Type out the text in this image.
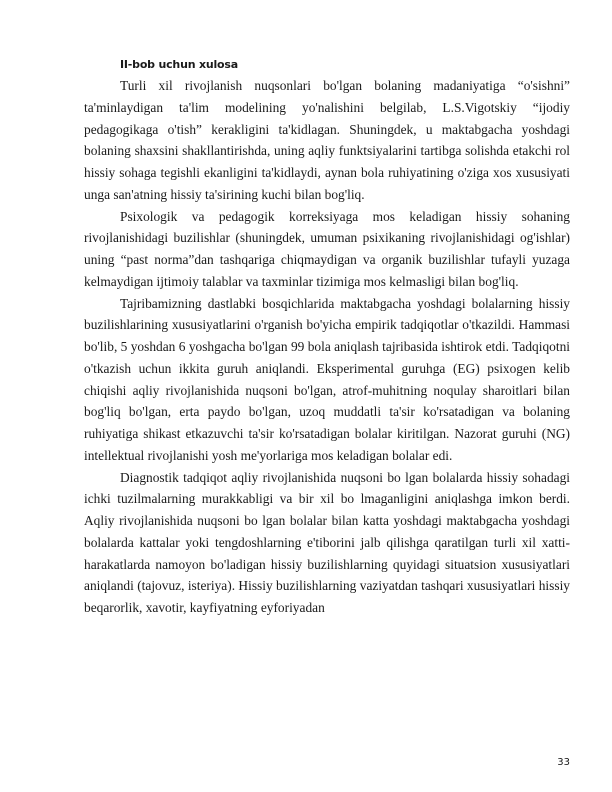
II-bob uchun xulosa

Turli xil rivojlanish nuqsonlari bo'lgan bolaning madaniyatiga “o'sishni” ta'minlaydigan ta'lim modelining yo'nalishini belgilab, L.S.Vigotskiy “ijodiy pedagogikaga o'tish” kerakligini ta'kidlagan. Shuningdek, u maktabgacha yoshdagi bolaning shaxsini shakllantirishda, uning aqliy funktsiyalarini tartibga solishda etakchi rol hissiy sohaga tegishli ekanligini ta'kidlaydi, aynan bola ruhiyatining o'ziga xos xususiyati unga san'atning hissiy ta'sirining kuchi bilan bog'liq.

Psixologik va pedagogik korreksiyaga mos keladigan hissiy sohaning rivojlanishidagi buzilishlar (shuningdek, umuman psixikaning rivojlanishidagi og'ishlar) uning “past norma”dan tashqariga chiqmaydigan va organik buzilishlar tufayli yuzaga kelmaydigan ijtimoiy talablar va taxminlar tizimiga mos kelmasligi bilan bog'liq.

Tajribamizning dastlabki bosqichlarida maktabgacha yoshdagi bolalarning hissiy buzilishlarining xususiyatlarini o'rganish bo'yicha empirik tadqiqotlar o'tkazildi. Hammasi bo'lib, 5 yoshdan 6 yoshgacha bo'lgan 99 bola aniqlash tajribasida ishtirok etdi. Tadqiqotni o'tkazish uchun ikkita guruh aniqlandi. Eksperimental guruhga (EG) psixogen kelib chiqishi aqliy rivojlanishida nuqsoni bo'lgan, atrof-muhitning noqulay sharoitlari bilan bog'liq bo'lgan, erta paydo bo'lgan, uzoq muddatli ta'sir ko'rsatadigan va bolaning ruhiyatiga shikast etkazuvchi ta'sir ko'rsatadigan bolalar kiritilgan. Nazorat guruhi (NG) intellektual rivojlanishi yosh me'yorlariga mos keladigan bolalar edi.

Diagnostik tadqiqot aqliy rivojlanishida nuqsoni bo lgan bolalarda hissiy sohadagi ichki tuzilmalarning murakkabligi va bir xil bo lmaganligini aniqlashga imkon berdi. Aqliy rivojlanishida nuqsoni bo lgan bolalar bilan katta yoshdagi maktabgacha yoshdagi bolalarda kattalar yoki tengdoshlarning e'tiborini jalb qilishga qaratilgan turli xil xatti-harakatlarda namoyon bo'ladigan hissiy buzilishlarning quyidagi situatsion xususiyatlari aniqlandi (tajovuz, isteriya). Hissiy buzilishlarning vaziyatdan tashqari xususiyatlari hissiy beqarorlik, xavotir, kayfiyatning eyforiyadan

33
